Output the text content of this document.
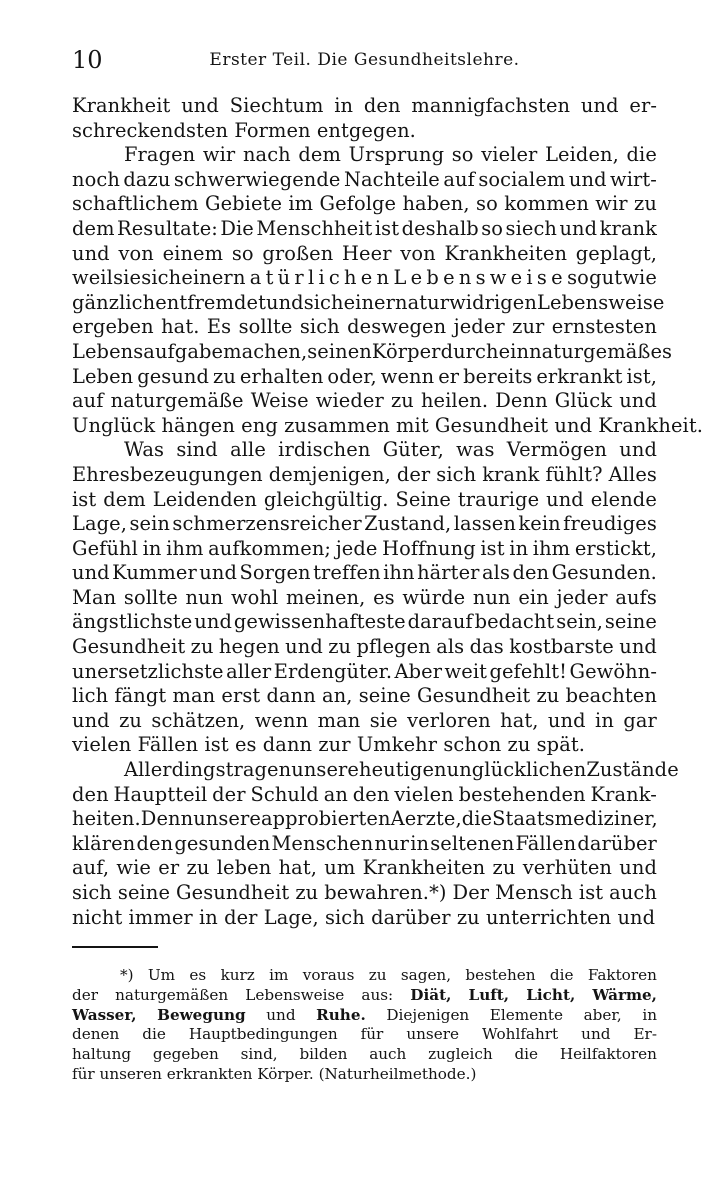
10	Erster Teil. Die Gesundheitslehre.
Krankheit und Siechtum in den mannigfachsten und er-
schreckendsten Formen entgegen.
Fragen wir nach dem Ursprung so vieler Leiden, die
noch dazu schwerwiegende Nachteile auf socialem und wirt-
schaftlichem Gebiete im Gefolge haben, so kommen wir zu
dem Resultate: Die Menschheit ist deshalb so siech und krank
und von einem so großen Heer von Krankheiten geplagt,
weil sie sich einer natürlichen Lebensweise so gut wie
gänzlich entfremdet und sich einer naturwidrigen Lebensweise
ergeben hat. Es sollte sich deswegen jeder zur ernstesten
Lebensaufgabe machen, seinen Körper durch ein naturgemäßes
Leben gesund zu erhalten oder, wenn er bereits erkrankt ist,
auf naturgemäße Weise wieder zu heilen. Denn Glück und
Unglück hängen eng zusammen mit Gesundheit und Krankheit.
Was sind alle irdischen Güter, was Vermögen und
Ehresbezeugungen demjenigen, der sich krank fühlt? Alles
ist dem Leidenden gleichgültig. Seine traurige und elende
Lage, sein schmerzensreicher Zustand, lassen kein freudiges
Gefühl in ihm aufkommen; jede Hoffnung ist in ihm erstickt,
und Kummer und Sorgen treffen ihn härter als den Gesunden.
Man sollte nun wohl meinen, es würde nun ein jeder aufs
ängstlichste und gewissenhafteste darauf bedacht sein, seine
Gesundheit zu hegen und zu pflegen als das kostbarste und
unersetzlichste aller Erdengüter. Aber weit gefehlt! Gewöhn-
lich fängt man erst dann an, seine Gesundheit zu beachten
und zu schätzen, wenn man sie verloren hat, und in gar
vielen Fällen ist es dann zur Umkehr schon zu spät.
Allerdings tragen unsere heutigen unglücklichen Zustände
den Hauptteil der Schuld an den vielen bestehenden Krank-
heiten. Denn unsere approbierten Aerzte, die Staatsmediziner,
klären den gesunden Menschen nur in seltenen Fällen darüber
auf, wie er zu leben hat, um Krankheiten zu verhüten und
sich seine Gesundheit zu bewahren.*) Der Mensch ist auch
nicht immer in der Lage, sich darüber zu unterrichten und
*) Um es kurz im voraus zu sagen, bestehen die Faktoren
der naturgemäßen Lebensweise aus: Diät, Luft, Licht, Wärme,
Wasser, Bewegung und Ruhe. Diejenigen Elemente aber, in
denen die Hauptbedingungen für unsere Wohlfahrt und Er-
haltung gegeben sind, bilden auch zugleich die Heilfaktoren
für unseren erkrankten Körper. (Naturheilmethode.)
